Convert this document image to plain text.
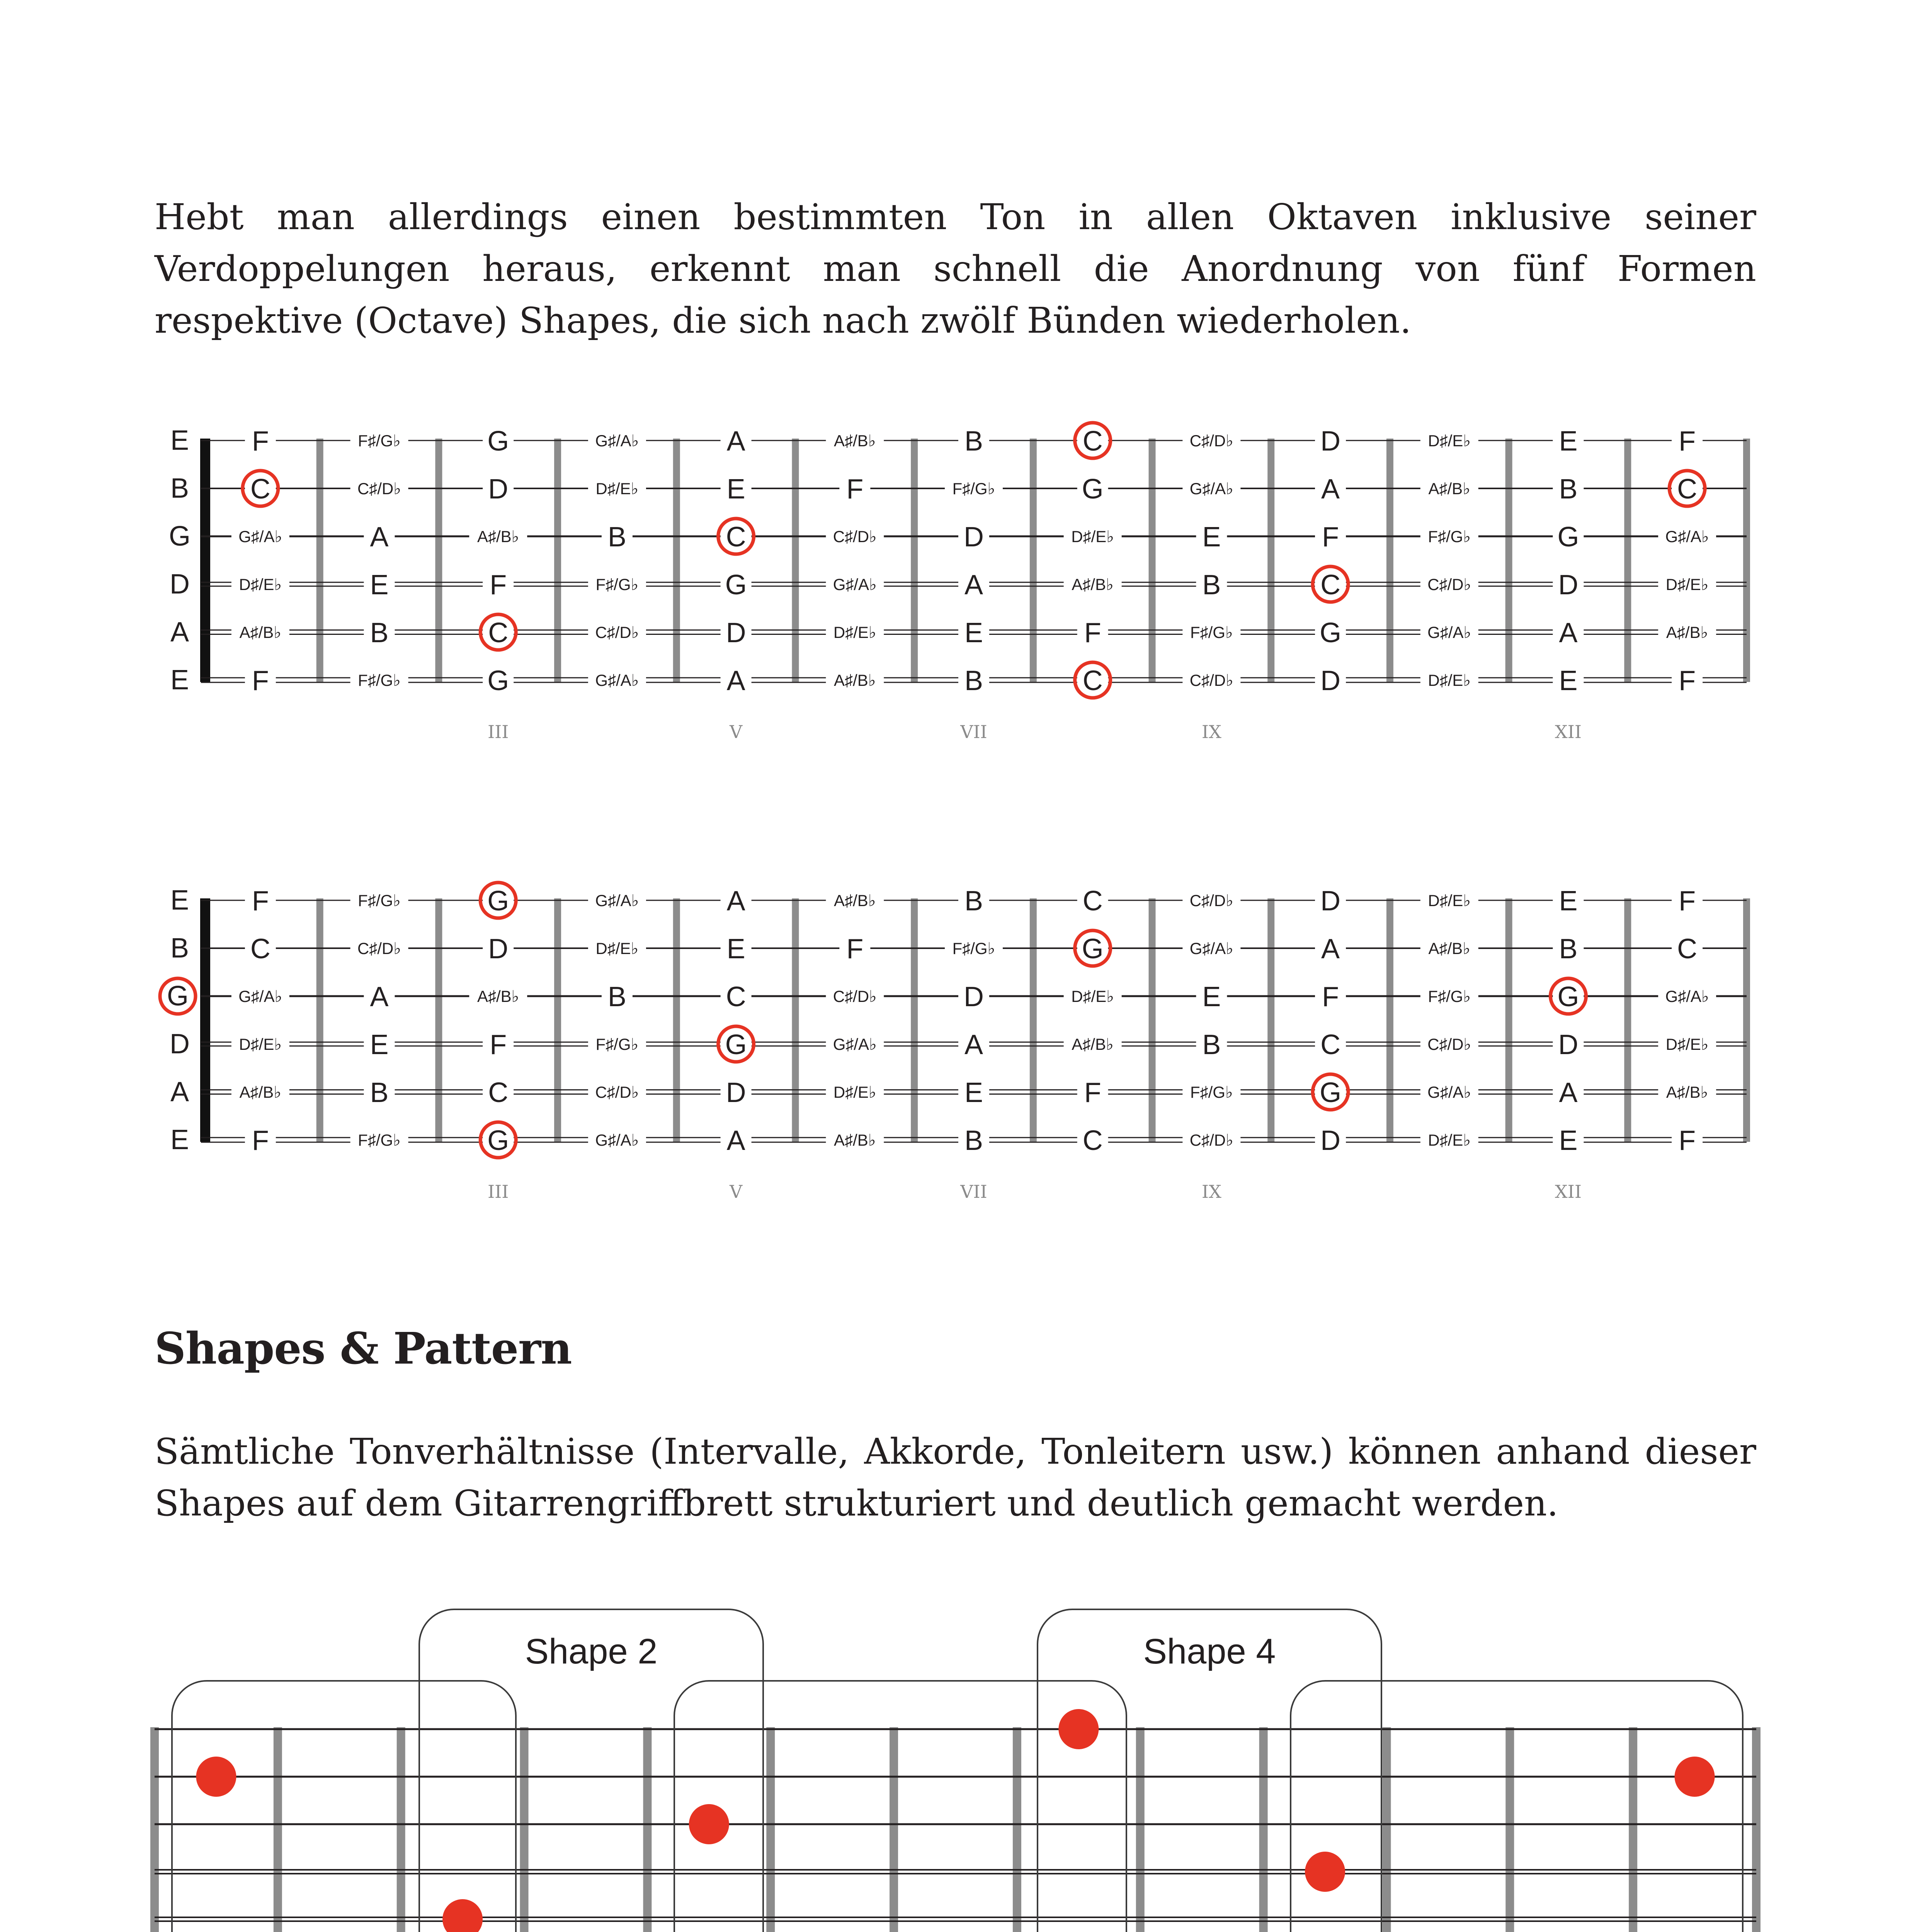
Hebt man allerdings einen bestimmten Ton in allen Oktaven inklusive seiner Verdoppelungen heraus, erkennt man schnell die Anordnung von fünf Formen respektive (Octave) Shapes, die sich nach zwölf Bünden wiederholen.

E F	F♯/G♭	G	G♯/A♭	A	A♯/B♭	B	C	C♯/D♭	D	D♯/E♭	E	F
B C	C♯/D♭	D	D♯/E♭	E	F	F♯/G♭	G	G♯/A♭	A	A♯/B♭	B	C
G	G♯/A♭	A	A♯/B♭	B	C	C♯/D♭	D	D♯/E♭	E	F	F♯/G♭	G	G♯/A♭
D	D♯/E♭	E	F	F♯/G♭	G	G♯/A♭	A	A♯/B♭	B	C	C♯/D♭	D	D♯/E♭
A	A♯/B♭	B	C	C♯/D♭	D	D♯/E♭	E	F	F♯/G♭	G	G♯/A♭	A	A♯/B♭
E F	F♯/G♭	G	G♯/A♭	A	A♯/B♭	B	C	C♯/D♭	D	D♯/E♭	E	F
III	V	VII	IX	XII
E F	F♯/G♭	G	G♯/A♭	A	A♯/B♭	B	C	C♯/D♭	D	D♯/E♭	E	F
B C	C♯/D♭	D	D♯/E♭	E	F	F♯/G♭	G	G♯/A♭	A	A♯/B♭	B	C
G	G♯/A♭	A	A♯/B♭	B	C	C♯/D♭	D	D♯/E♭	E	F	F♯/G♭	G	G♯/A♭
D	D♯/E♭	E	F	F♯/G♭	G	G♯/A♭	A	A♯/B♭	B	C	C♯/D♭	D	D♯/E♭
A	A♯/B♭	B	C	C♯/D♭	D	D♯/E♭	E	F	F♯/G♭	G	G♯/A♭	A	A♯/B♭
E F	F♯/G♭	G	G♯/A♭	A	A♯/B♭	B	C	C♯/D♭	D	D♯/E♭	E	F
III	V	VII	IX	XII
Shapes & Pattern

Sämtliche Tonverhältnisse (Intervalle, Akkorde, Tonleitern usw.) können anhand dieser Shapes auf dem Gitarrengriffbrett strukturiert und deutlich gemacht werden.

Shape 2	Shape 4
